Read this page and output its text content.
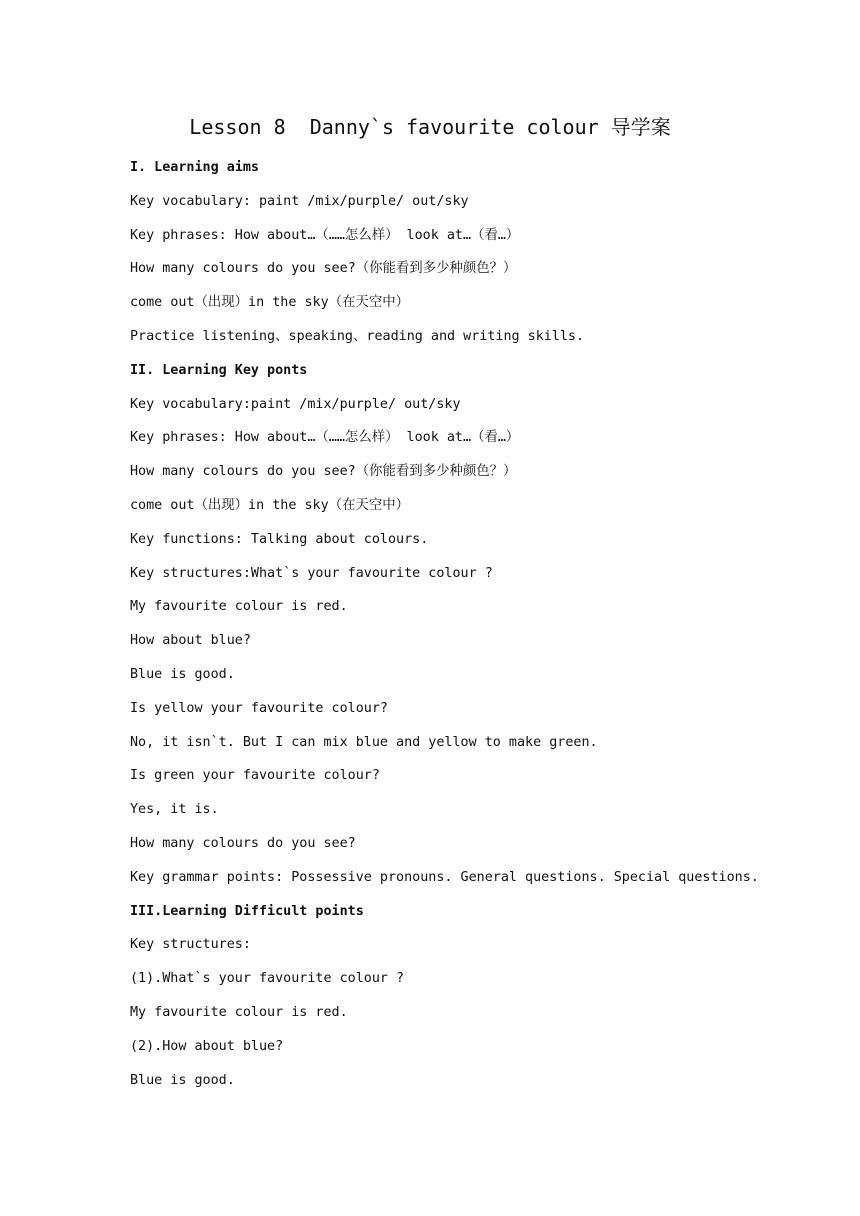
Lesson 8  Danny`s favourite colour 导学案
I. Learning aims
Key vocabulary: paint /mix/purple/ out/sky
Key phrases: How about…（……怎么样） look at…（看…）
How many colours do you see?（你能看到多少种颜色？）
come out（出现）in the sky（在天空中）
Practice listening、speaking、reading and writing skills.
II. Learning Key ponts
Key vocabulary:paint /mix/purple/ out/sky
Key phrases: How about…（……怎么样） look at…（看…）
How many colours do you see?（你能看到多少种颜色？）
come out（出现）in the sky（在天空中）
Key functions: Talking about colours.
Key structures:What`s your favourite colour ?
My favourite colour is red.
How about blue?
Blue is good.
Is yellow your favourite colour?
No, it isn`t. But I can mix blue and yellow to make green.
Is green your favourite colour?
Yes, it is.
How many colours do you see?
Key grammar points: Possessive pronouns. General questions. Special questions.
III.Learning Difficult points
Key structures:
(1).What`s your favourite colour ?
My favourite colour is red.
(2).How about blue?
Blue is good.
